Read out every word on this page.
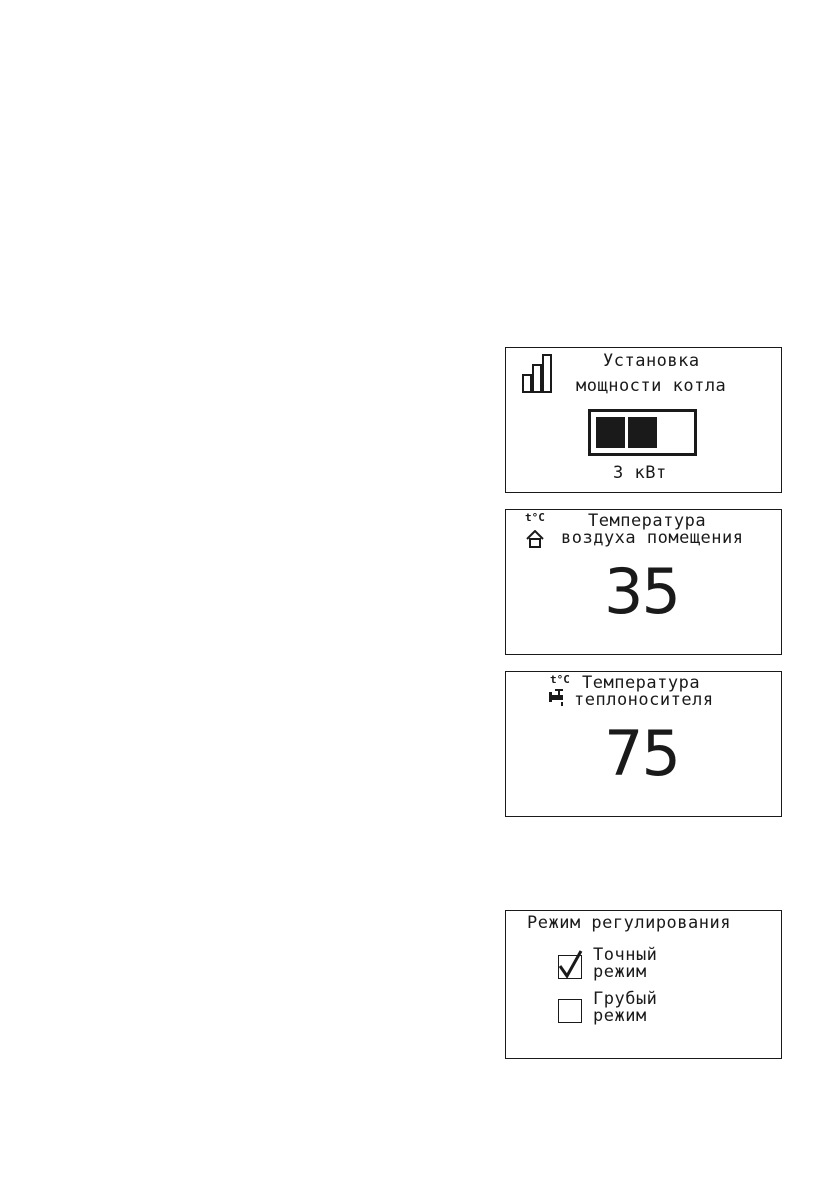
Установка
мощности котла
3 кВт
t°C	Температура
воздуха помещения
35
t°C Температура
теплоносителя
75
Режим регулирования
Точный
режим
Грубый
режим
